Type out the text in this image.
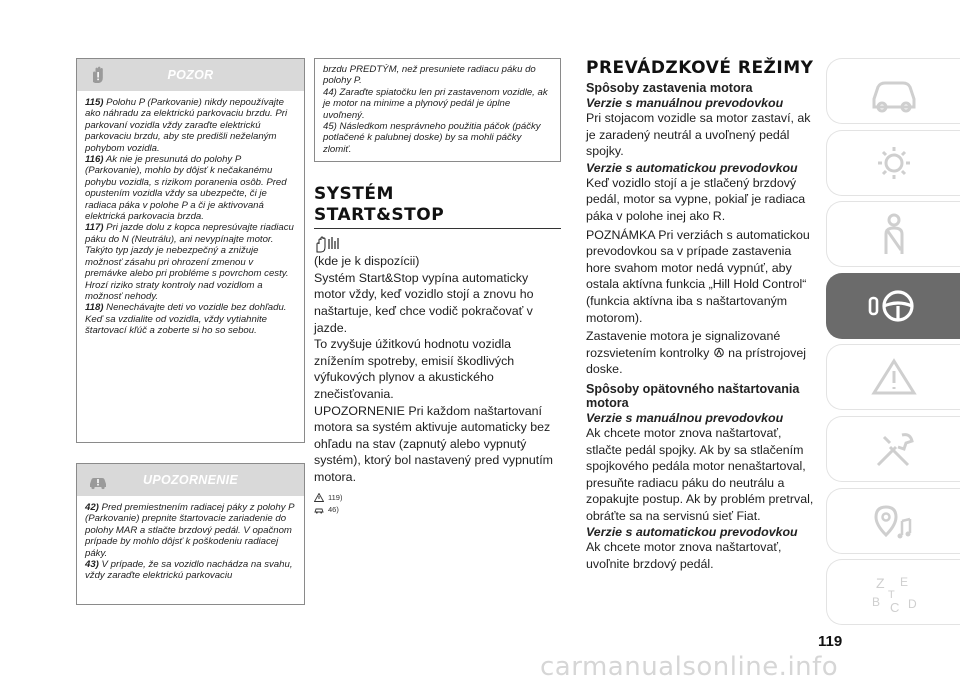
POZOR

115) Polohu P (Parkovanie) nikdy nepoužívajte ako náhradu za elektrickú parkovaciu brzdu. Pri parkovaní vozidla vždy zaraďte elektrickú parkovaciu brzdu, aby ste predišli neželaným pohybom vozidla.

116) Ak nie je presunutá do polohy P (Parkovanie), mohlo by dôjsť k nečakanému pohybu vozidla, s rizikom poranenia osôb. Pred opustením vozidla vždy sa ubezpečte, či je radiaca páka v polohe P a či je aktivovaná elektrická parkovacia brzda.

117) Pri jazde dolu z kopca nepresúvajte riadiacu páku do N (Neutrálu), ani nevypínajte motor. Takýto typ jazdy je nebezpečný a znižuje možnosť zásahu pri ohrození zmenou v premávke alebo pri probléme s povrchom cesty. Hrozí riziko straty kontroly nad vozidlom a možnosť nehody.

118) Nenechávajte deti vo vozidle bez dohľadu. Keď sa vzdialite od vozidla, vždy vytiahnite štartovací kľúč a zoberte si ho so sebou.

UPOZORNENIE

42) Pred premiestnením radiacej páky z polohy P (Parkovanie) prepnite štartovacie zariadenie do polohy MAR a stlačte brzdový pedál. V opačnom prípade by mohlo dôjsť k poškodeniu radiacej páky.

43) V prípade, že sa vozidlo nachádza na svahu, vždy zaraďte elektrickú parkovaciu

brzdu PREDTÝM, než presuniete radiacu páku do polohy P.

44) Zaraďte spiatočku len pri zastavenom vozidle, ak je motor na minime a plynový pedál je úplne uvoľnený.

45) Následkom nesprávneho použitia páčok (páčky potlačené k palubnej doske) by sa mohli páčky zlomiť.

SYSTÉM
START&STOP

(kde je k dispozícii)

Systém Start&Stop vypína automaticky motor vždy, keď vozidlo stojí a znovu ho naštartuje, keď chce vodič pokračovať v jazde.

To zvyšuje úžitkovú hodnotu vozidla znížením spotreby, emisií škodlivých výfukových plynov a akustického znečisťovania.

UPOZORNENIE Pri každom naštartovaní motora sa systém aktivuje automaticky bez ohľadu na stav (zapnutý alebo vypnutý systém), ktorý bol nastavený pred vypnutím motora.

119)
46)
PREVÁDZKOVÉ REŽIMY
Spôsoby zastavenia motora
Verzie s manuálnou prevodovkou
Pri stojacom vozidle sa motor zastaví, ak je zaradený neutrál a uvoľnený pedál spojky.
Verzie s automatickou prevodovkou
Keď vozidlo stojí a je stlačený brzdový pedál, motor sa vypne, pokiaľ je radiaca páka v polohe inej ako R.
POZNÁMKA Pri verziách s automatickou prevodovkou sa v prípade zastavenia hore svahom motor nedá vypnúť, aby ostala aktívna funkcia „Hill Hold Control“ (funkcia aktívna iba s naštartovaným motorom).
Zastavenie motora je signalizované rozsvietením kontrolky na prístrojovej doske.
Spôsoby opätovného naštartovania motora
Verzie s manuálnou prevodovkou
Ak chcete motor znova naštartovať, stlačte pedál spojky. Ak by sa stlačením spojkového pedála motor nenaštartoval, presuňte radiacu páku do neutrálu a zopakujte postup. Ak by problém pretrval, obráťte sa na servisnú sieť Fiat.
Verzie s automatickou prevodovkou
Ak chcete motor znova naštartovať, uvoľnite brzdový pedál.
119
Z E
B C D
T
carmanualsonline.info
